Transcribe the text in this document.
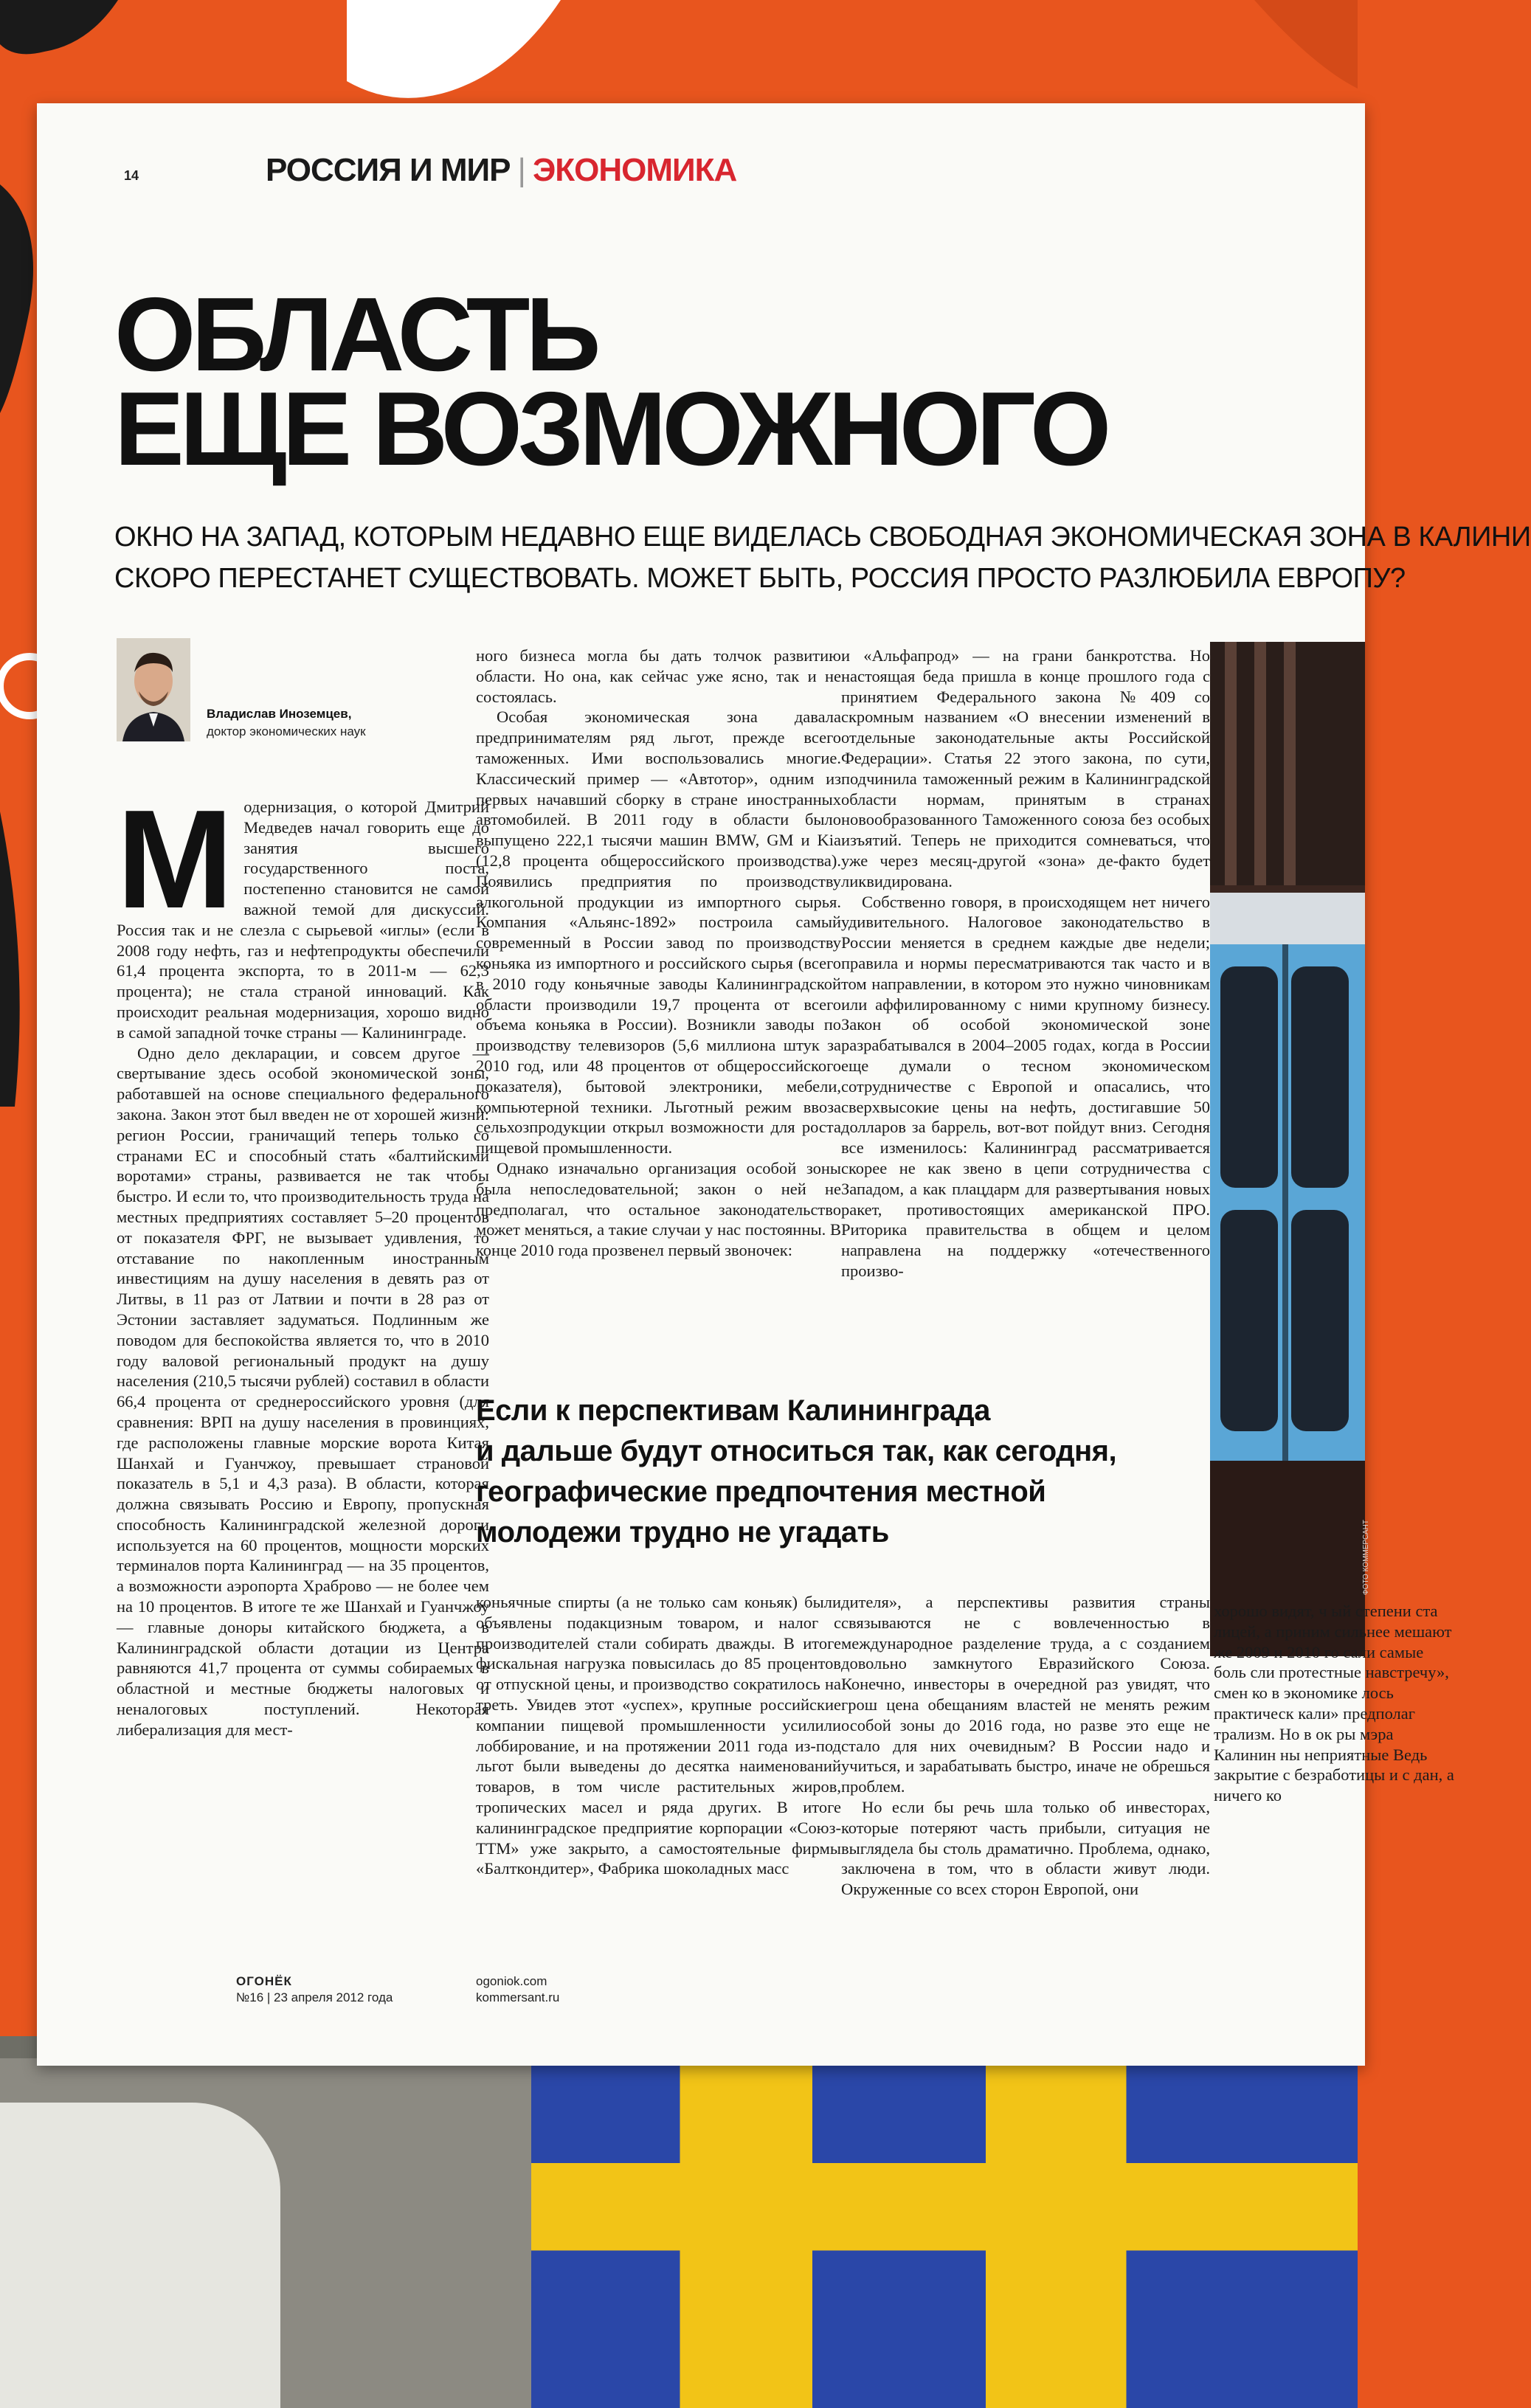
14	РОССИЯ И МИР | ЭКОНОМИКА
ОБЛАСТЬ
ЕЩЕ ВОЗМОЖНОГО
ОКНО НА ЗАПАД, КОТОРЫМ НЕДАВНО ЕЩЕ ВИДЕЛАСЬ СВОБОДНАЯ ЭКОНОМИЧЕСКАЯ ЗОНА В КАЛИНИ
СКОРО ПЕРЕСТАНЕТ СУЩЕСТВОВАТЬ. МОЖЕТ БЫТЬ, РОССИЯ ПРОСТО РАЗЛЮБИЛА ЕВРОПУ?
Владислав Иноземцев,
доктор экономических наук

Модернизация, о которой Дмитрий Медведев начал говорить еще до занятия высшего государственного поста, постепенно становится не самой важной темой для дискуссий. Россия так и не слезла с сырьевой «иглы» (если в 2008 году нефть, газ и нефтепродукты обеспечили 61,4 процента экспорта, то в 2011-м — 62,3 процента); не стала страной инноваций. Как происходит реальная модернизация, хорошо видно в самой западной точке страны — Калининграде.

Одно дело декларации, и совсем другое — свертывание здесь особой экономической зоны, работавшей на основе специального федерального закона. Закон этот был введен не от хорошей жизни: регион России, граничащий теперь только со странами ЕС и способный стать «балтийскими воротами» страны, развивается не так чтобы быстро. И если то, что производительность труда на местных предприятиях составляет 5–20 процентов от показателя ФРГ, не вызывает удивления, то отставание по накопленным иностранным инвестициям на душу населения в девять раз от Литвы, в 11 раз от Латвии и почти в 28 раз от Эстонии заставляет задуматься. Подлинным же поводом для беспокойства является то, что в 2010 году валовой региональный продукт на душу населения (210,5 тысячи рублей) составил в области 66,4 процента от среднероссийского уровня (для сравнения: ВРП на душу населения в провинциях, где расположены главные морские ворота Китая Шанхай и Гуанчжоу, превышает страновой показатель в 5,1 и 4,3 раза). В области, которая должна связывать Россию и Европу, пропускная способность Калининградской железной дороги используется на 60 процентов, мощности морских терминалов порта Калининград — на 35 процентов, а возможности аэропорта Храброво — не более чем на 10 процентов. В итоге те же Шанхай и Гуанчжоу — главные доноры китайского бюджета, а в Калининградской области дотации из Центра равняются 41,7 процента от суммы собираемых в областной и местные бюджеты налоговых и неналоговых поступлений. Некоторая либерализация для мест-

ного бизнеса могла бы дать толчок развитию области. Но она, как сейчас уже ясно, так и не состоялась.

Особая экономическая зона давала предпринимателям ряд льгот, прежде всего таможенных. Ими воспользовались многие. Классический пример — «Автотор», одним из первых начавший сборку в стране иностранных автомобилей. В 2011 году в области было выпущено 222,1 тысячи машин BMW, GM и Kia (12,8 процента общероссийского производства). Появились предприятия по производству алкогольной продукции из импортного сырья. Компания «Альянс-1892» построила самый современный в России завод по производству коньяка из импортного и российского сырья (всего в 2010 году коньячные заводы Калининградской области производили 19,7 процента от всего объема коньяка в России). Возникли заводы по производству телевизоров (5,6 миллиона штук за 2010 год, или 48 процентов от общероссийского показателя), бытовой электроники, мебели, компьютерной техники. Льготный режим ввоза сельхозпродукции открыл возможности для роста пищевой промышленности.

Однако изначально организация особой зоны была непоследовательной; закон о ней не предполагал, что остальное законодательство может меняться, а такие случаи у нас постоянны. В конце 2010 года прозвенел первый звоночек:

и «Альфапрод» — на грани банкротства. Но настоящая беда пришла в конце прошлого года с принятием Федерального закона №409 со скромным названием «О внесении изменений в отдельные законодательные акты Российской Федерации». Статья 22 этого закона, по сути, подчинила таможенный режим в Калининградской области нормам, принятым в странах новообразованного Таможенного союза без особых изъятий. Теперь не приходится сомневаться, что уже через месяц-другой «зона» де-факто будет ликвидирована.

Собственно говоря, в происходящем нет ничего удивительного. Налоговое законодательство в России меняется в среднем каждые две недели; правила и нормы пересматриваются так часто и в том направлении, в котором это нужно чиновникам или аффилированному с ними крупному бизнесу. Закон об особой экономической зоне разрабатывался в 2004–2005 годах, когда в России еще думали о тесном экономическом сотрудничестве с Европой и опасались, что сверхвысокие цены на нефть, достигавшие 50 долларов за баррель, вот-вот пойдут вниз. Сегодня все изменилось: Калининград рассматривается скорее не как звено в цепи сотрудничества с Западом, а как плацдарм для развертывания новых ракет, противостоящих американской ПРО. Риторика правительства в общем и целом направлена на поддержку «отечественного произво-

ФОТО КОММЕРСАНТ
Если к перспективам Калининграда
и дальше будут относиться так, как сегодня,
географические предпочтения местной
молодежи трудно не угадать

коньячные спирты (а не только сам коньяк) были объявлены подакцизным товаром, и налог с производителей стали собирать дважды. В итоге фискальная нагрузка повысилась до 85 процентов от отпускной цены, и производство сократилось на треть. Увидев этот «успех», крупные российские компании пищевой промышленности усилили лоббирование, и на протяжении 2011 года из-под льгот были выведены до десятка наименований товаров, в том числе растительных жиров, тропических масел и ряда других. В итоге калининградское предприятие корпорации «Союз-ТТМ» уже закрыто, а самостоятельные фирмы «Балткондитер», Фабрика шоколадных масс

дителя», а перспективы развития страны связываются не с вовлеченностью в международное разделение труда, а с созданием довольно замкнутого Евразийского Союза. Конечно, инвесторы в очередной раз увидят, что грош цена обещаниям властей не менять режим особой зоны до 2016 года, но разве это еще не стало для них очевидным? В России надо и учиться, и зарабатывать быстро, иначе не обрешься проблем.

Но если бы речь шла только об инвесторах, которые потеряют часть прибыли, ситуация не выглядела бы столь драматично. Проблема, однако, заключена в том, что в области живут люди. Окруженные со всех сторон Европой, они

хорошо видят, ч ый степени ста лицей, а приним сильнее мешают же 2009 и 2010 го сали самые боль сли протестные навстречу», смен ко в экономике лось практическ кали» предполаг трализм. Но в ок ры мэра Калинин ны неприятные Ведь закрытие с безработицы и с дан, а ничего ко

ОГОНЁК
№16 | 23 апреля 2012 года
ogoniok.com
kommersant.ru
